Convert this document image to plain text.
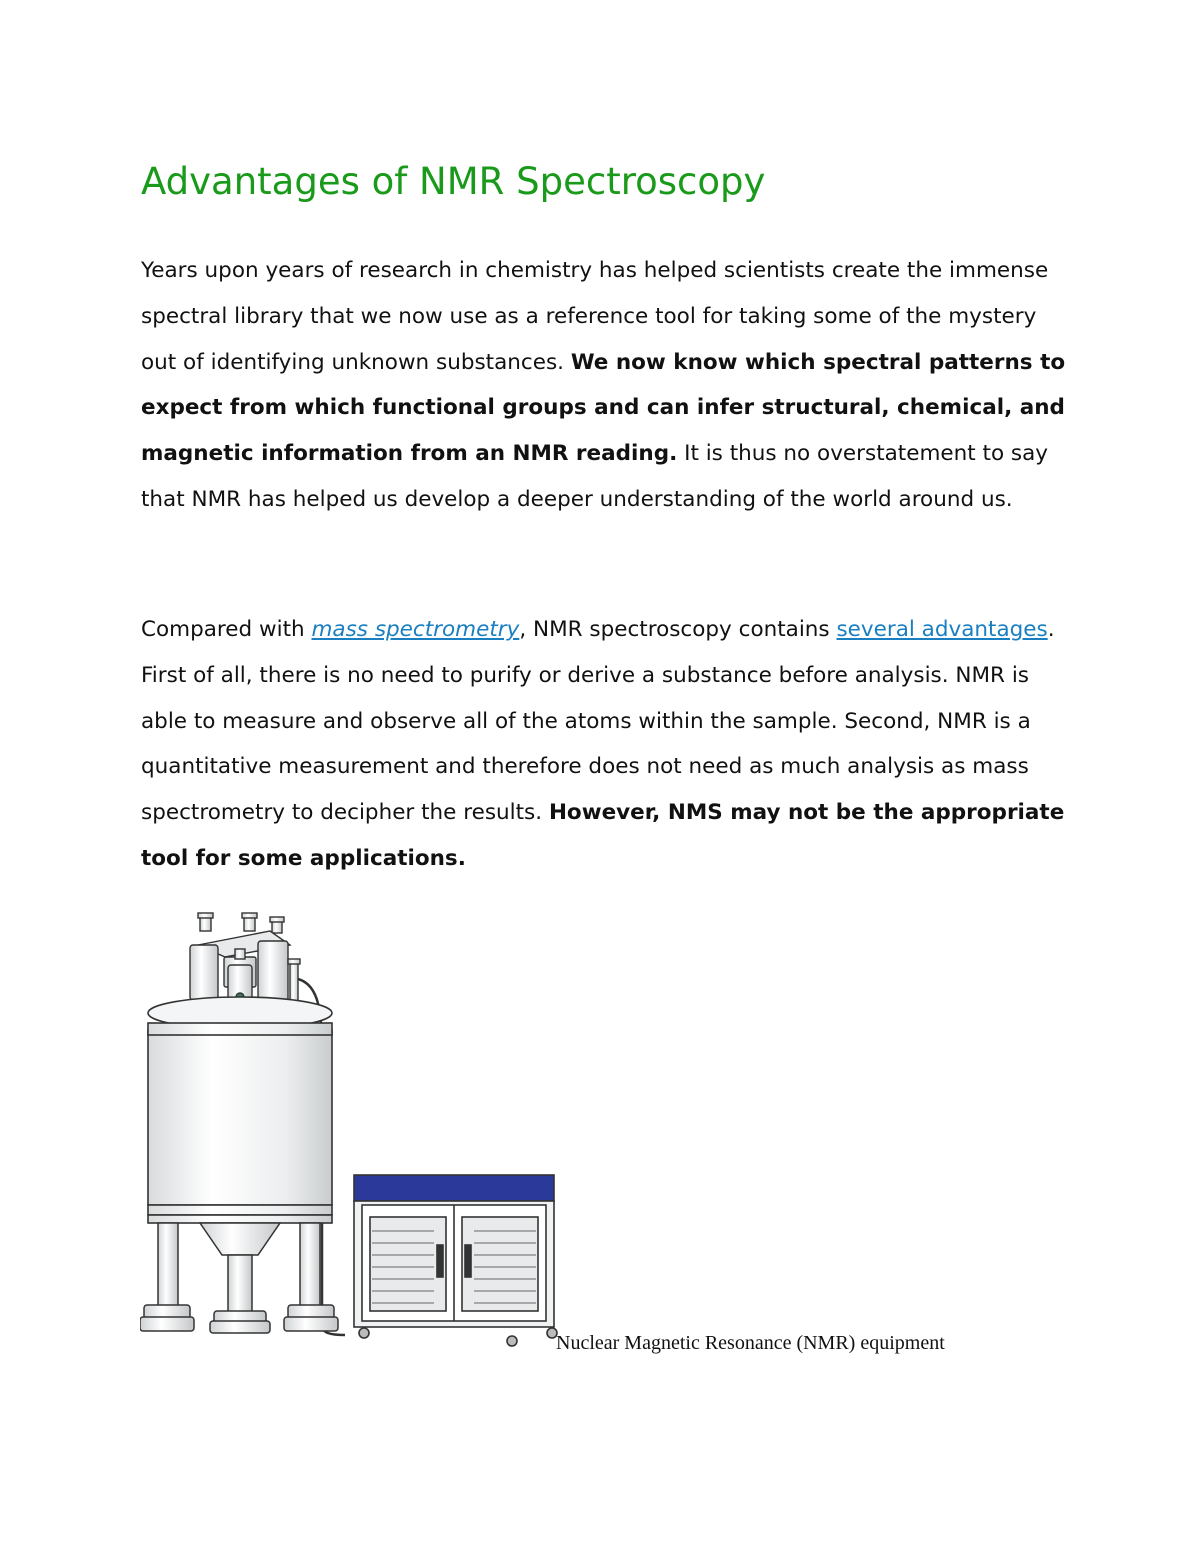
Advantages of NMR Spectroscopy

Years upon years of research in chemistry has helped scientists create the immense spectral library that we now use as a reference tool for taking some of the mystery out of identifying unknown substances. We now know which spectral patterns to expect from which functional groups and can infer structural, chemical, and magnetic information from an NMR reading. It is thus no overstatement to say that NMR has helped us develop a deeper understanding of the world around us.

Compared with mass spectrometry, NMR spectroscopy contains several advantages. First of all, there is no need to purify or derive a substance before analysis. NMR is able to measure and observe all of the atoms within the sample. Second, NMR is a quantitative measurement and therefore does not need as much analysis as mass spectrometry to decipher the results. However, NMS may not be the appropriate tool for some applications.

Nuclear Magnetic Resonance (NMR) equipment
